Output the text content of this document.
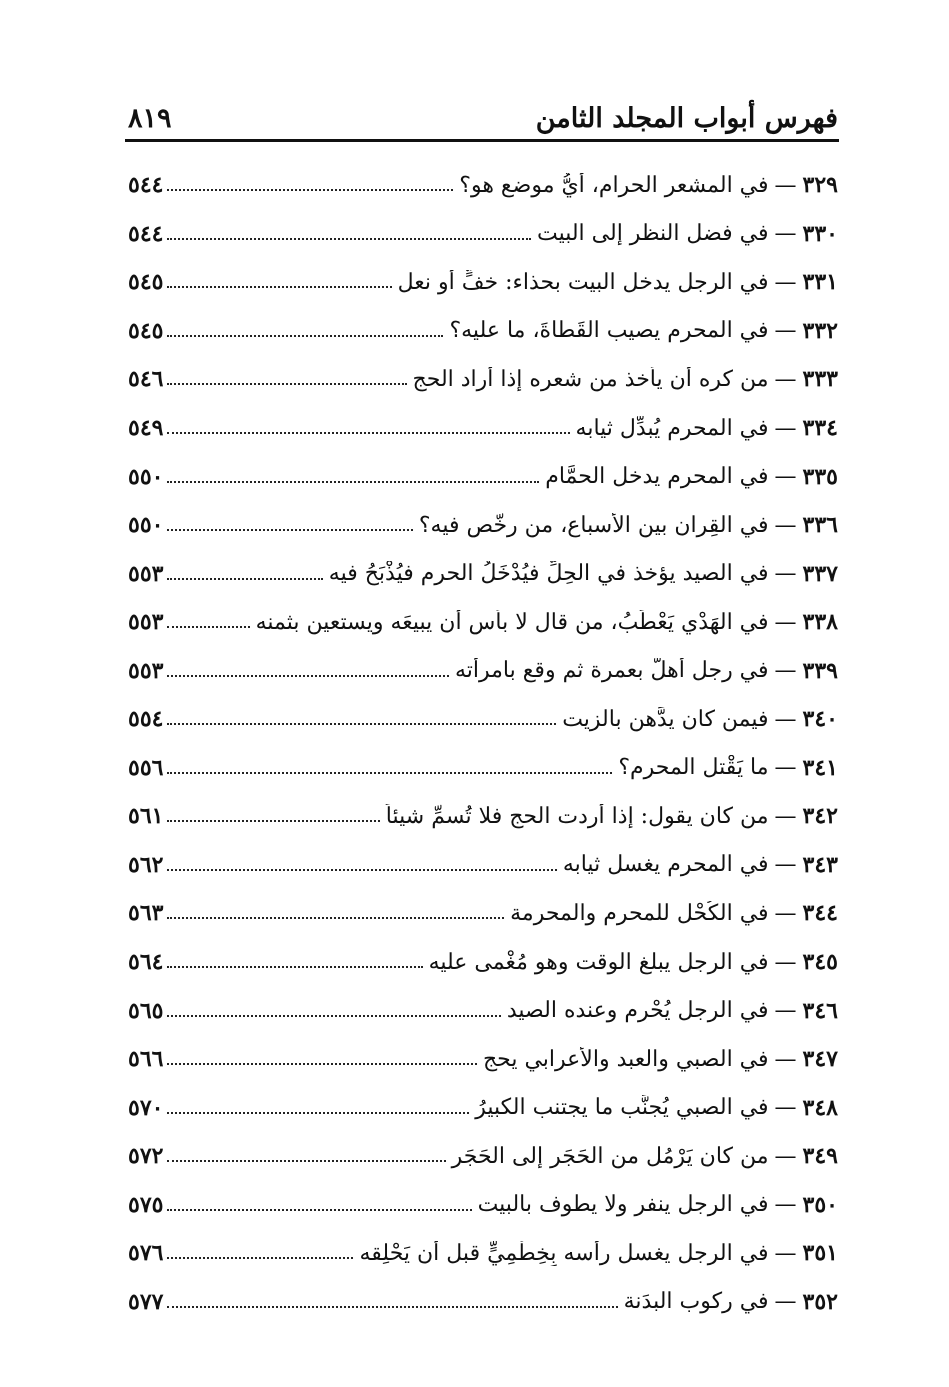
فهرس أبواب المجلد الثامن
٨١٩
٣٢٩
—
في المشعر الحرام، أيُّ موضع هو؟
٥٤٤
٣٣٠
—
في فضل النظر إلى البيت
٥٤٤
٣٣١
—
في الرجل يدخل البيت بحذاء: خفٍّ أو نعل
٥٤٥
٣٣٢
—
في المحرم يصيب القَطاةَ، ما عليه؟
٥٤٥
٣٣٣
—
من كره أن يأخذ من شعره إذا أراد الحج
٥٤٦
٣٣٤
—
في المحرم يُبدِّل ثيابه
٥٤٩
٣٣٥
—
في المحرم يدخل الحمَّام
٥٥٠
٣٣٦
—
في القِران بين الأسباع، من رخَّص فيه؟
٥٥٠
٣٣٧
—
في الصيد يؤخذ في الحِلِّ فيُدْخَلُ الحرم فيُذْبَحُ فيه
٥٥٣
٣٣٨
—
في الهَدْي يَعْطَبُ، من قال لا بأس أن يبيعَه ويستعين بثمنه
٥٥٣
٣٣٩
—
في رجل أهلَّ بعمرة ثم وقع بامرأته
٥٥٣
٣٤٠
—
فيمن كان يدَّهن بالزيت
٥٥٤
٣٤١
—
ما يَقْتل المحرم؟
٥٥٦
٣٤٢
—
من كان يقول: إذا أردت الحج فلا تُسمِّ شيئاً
٥٦١
٣٤٣
—
في المحرم يغسل ثيابه
٥٦٢
٣٤٤
—
في الكُحْل للمحرم والمحرمة
٥٦٣
٣٤٥
—
في الرجل يبلغ الوقت وهو مُغْمى عليه
٥٦٤
٣٤٦
—
في الرجل يُحْرِم وعنده الصيد
٥٦٥
٣٤٧
—
في الصبي والعبد والأعرابي يحج
٥٦٦
٣٤٨
—
في الصبي يُجنَّب ما يجتنب الكبيرُ
٥٧٠
٣٤٩
—
من كان يَرْمُل من الحَجَر إلى الحَجَر
٥٧٢
٣٥٠
—
في الرجل ينفر ولا يطوف بالبيت
٥٧٥
٣٥١
—
في الرجل يغسل رأسه بِخِطْمِيٍّ قبل أن يَحْلِقه
٥٧٦
٣٥٢
—
في ركوب البدَنة
٥٧٧
